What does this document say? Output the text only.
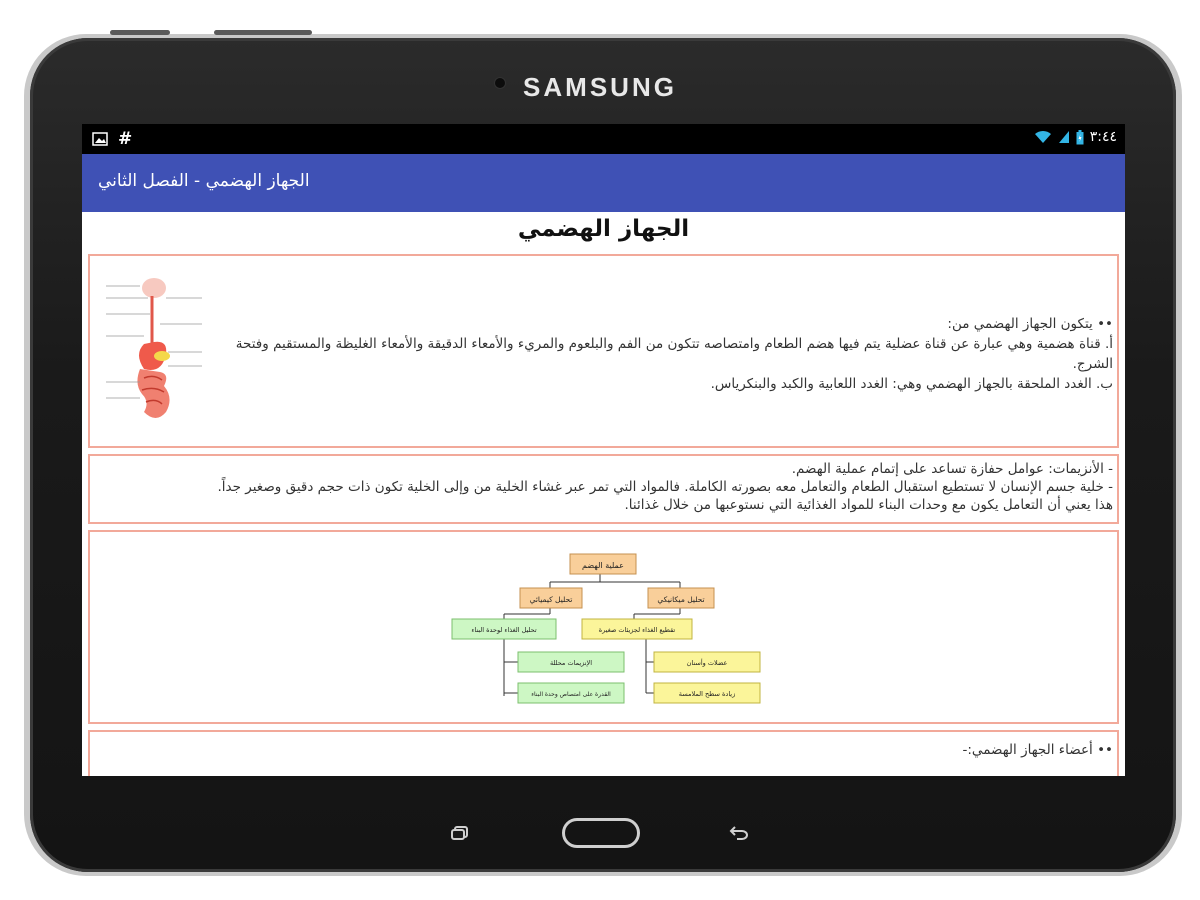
SAMSUNG
#	٣:٤٤
الجهاز الهضمي - الفصل الثاني
الجهاز الهضمي
•• يتكون الجهاز الهضمي من:
أ. قناة هضمية وهي عبارة عن قناة عضلية يتم فيها هضم الطعام وامتصاصه تتكون من الفم والبلعوم والمريء والأمعاء الدقيقة والأمعاء الغليظة والمستقيم وفتحة الشرج.
ب. الغدد الملحقة بالجهاز الهضمي وهي: الغدد اللعابية والكبد والبنكرياس.
- الأنزيمات: عوامل حفازة تساعد على إتمام عملية الهضم.
- خلية جسم الإنسان لا تستطيع استقبال الطعام والتعامل معه بصورته الكاملة. فالمواد التي تمر عبر غشاء الخلية من وإلى الخلية تكون ذات حجم دقيق وصغير جداً.
هذا يعني أن التعامل يكون مع وحدات البناء للمواد الغذائية التي نستوعبها من خلال غذائنا.
عملية الهضم
تحليل كيميائي	تحليل ميكانيكي
تحليل الغذاء لوحدة البناء	تقطيع الغذاء لجزيئات صغيرة
الإنزيمات محللة
القدرة على امتصاص وحدة البناء
عضلات وأسنان
زيادة سطح الملامسة
•• أعضاء الجهاز الهضمي:-
